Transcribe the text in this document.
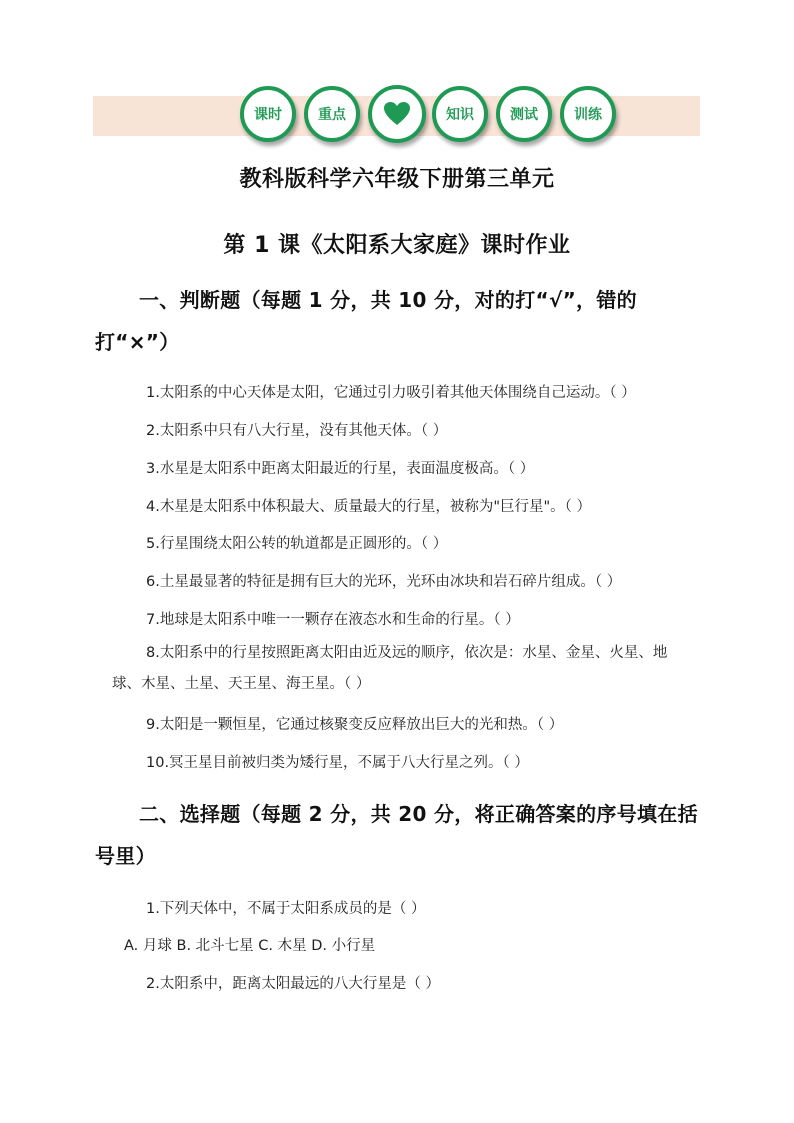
课时	重点	知识	测试	训练
教科版科学六年级下册第三单元
第 1 课《太阳系大家庭》课时作业
一、判断题（每题 1 分，共 10 分，对的打“√”，错的打“×”）
1.太阳系的中心天体是太阳，它通过引力吸引着其他天体围绕自己运动。（ ）
2.太阳系中只有八大行星，没有其他天体。（ ）
3.水星是太阳系中距离太阳最近的行星，表面温度极高。（ ）
4.木星是太阳系中体积最大、质量最大的行星，被称为"巨行星"。（ ）
5.行星围绕太阳公转的轨道都是正圆形的。（ ）
6.土星最显著的特征是拥有巨大的光环，光环由冰块和岩石碎片组成。（ ）
7.地球是太阳系中唯一一颗存在液态水和生命的行星。（ ）
8.太阳系中的行星按照距离太阳由近及远的顺序，依次是：水星、金星、火星、地球、木星、土星、天王星、海王星。（ ）
9.太阳是一颗恒星，它通过核聚变反应释放出巨大的光和热。（ ）
10.冥王星目前被归类为矮行星，不属于八大行星之列。（ ）
二、选择题（每题 2 分，共 20 分，将正确答案的序号填在括号里）
1.下列天体中，不属于太阳系成员的是（ ）
A. 月球 B. 北斗七星 C. 木星 D. 小行星
2.太阳系中，距离太阳最远的八大行星是（ ）
